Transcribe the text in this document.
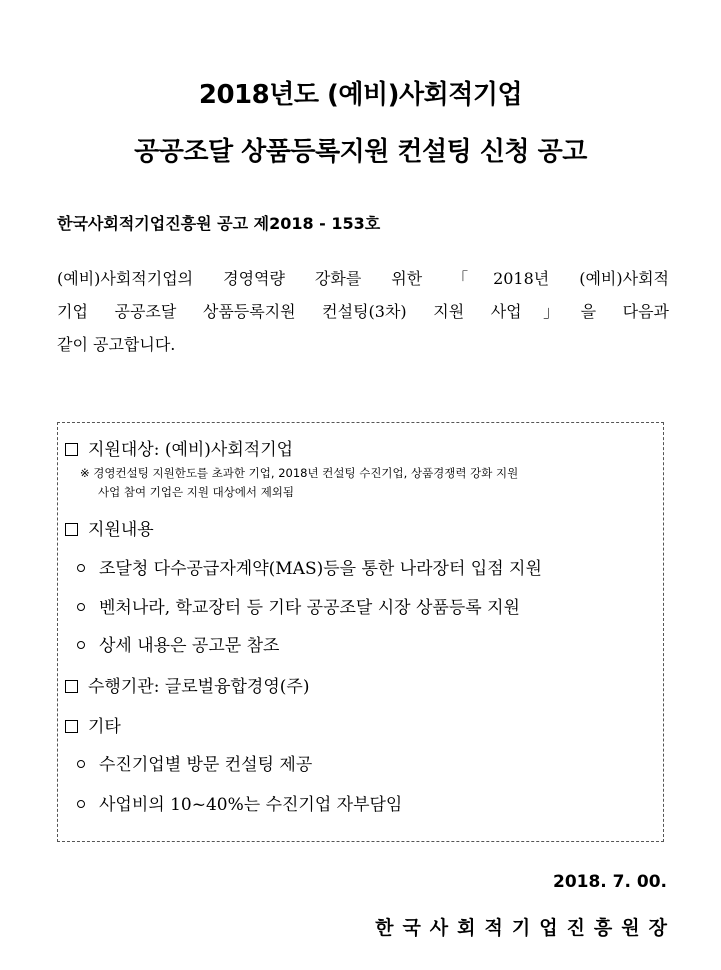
2018년도 (예비)사회적기업
공공조달 상품등록지원 컨설팅 신청 공고
한국사회적기업진흥원 공고 제2018 - 153호
(예비)사회적기업의 경영역량 강화를 위한 「2018년 (예비)사회적
기업 공공조달 상품등록지원 컨설팅(3차) 지원 사업」을 다음과
같이 공고합니다.
지원대상: (예비)사회적기업
※ 경영컨설팅 지원한도를 초과한 기업, 2018년 컨설팅 수진기업, 상품경쟁력 강화 지원
사업 참여 기업은 지원 대상에서 제외됨
지원내용
조달청 다수공급자계약(MAS)등을 통한 나라장터 입점 지원
벤처나라, 학교장터 등 기타 공공조달 시장 상품등록 지원
상세 내용은 공고문 참조
수행기관: 글로벌융합경영(주)
기타
수진기업별 방문 컨설팅 제공
사업비의 10~40%는 수진기업 자부담임
2018. 7. 00.
한국사회적기업진흥원장
